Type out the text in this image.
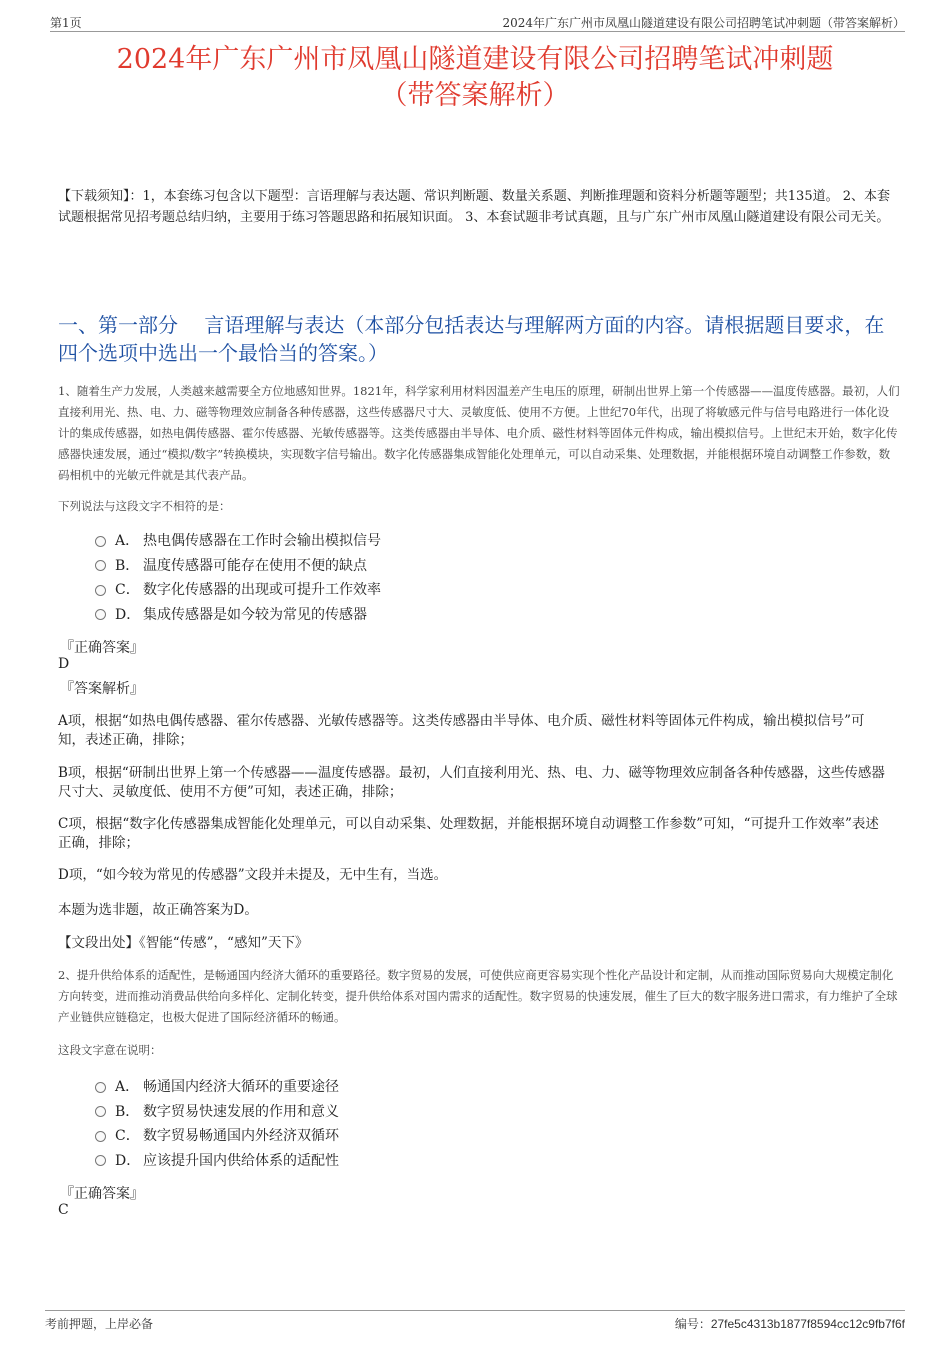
第1页	2024年广东广州市凤凰山隧道建设有限公司招聘笔试冲刺题（带答案解析）

2024年广东广州市凤凰山隧道建设有限公司招聘笔试冲刺题
（带答案解析）

【下载须知】：1，本套练习包含以下题型：言语理解与表达题、常识判断题、数量关系题、判断推理题和资料分析题等题型；共135道。 2、本套试题根据常见招考题总结归纳，主要用于练习答题思路和拓展知识面。 3、本套试题非考试真题，且与广东广州市凤凰山隧道建设有限公司无关。

一、第一部分　 言语理解与表达（本部分包括表达与理解两方面的内容。请根据题目要求，在四个选项中选出一个最恰当的答案。）

1、随着生产力发展，人类越来越需要全方位地感知世界。1821年，科学家利用材料因温差产生电压的原理，研制出世界上第一个传感器——温度传感器。最初，人们直接利用光、热、电、力、磁等物理效应制备各种传感器，这些传感器尺寸大、灵敏度低、使用不方便。上世纪70年代，出现了将敏感元件与信号电路进行一体化设计的集成传感器，如热电偶传感器、霍尔传感器、光敏传感器等。这类传感器由半导体、电介质、磁性材料等固体元件构成，输出模拟信号。上世纪末开始，数字化传感器快速发展，通过“模拟/数字”转换模块，实现数字信号输出。数字化传感器集成智能化处理单元，可以自动采集、处理数据，并能根据环境自动调整工作参数，数码相机中的光敏元件就是其代表产品。

下列说法与这段文字不相符的是：

A． 热电偶传感器在工作时会输出模拟信号
B． 温度传感器可能存在使用不便的缺点
C． 数字化传感器的出现或可提升工作效率
D． 集成传感器是如今较为常见的传感器

『正确答案』

D

『答案解析』

A项，根据“如热电偶传感器、霍尔传感器、光敏传感器等。这类传感器由半导体、电介质、磁性材料等固体元件构成，输出模拟信号”可知，表述正确，排除；

B项，根据“研制出世界上第一个传感器——温度传感器。最初，人们直接利用光、热、电、力、磁等物理效应制备各种传感器，这些传感器尺寸大、灵敏度低、使用不方便”可知，表述正确，排除；

C项，根据“数字化传感器集成智能化处理单元，可以自动采集、处理数据，并能根据环境自动调整工作参数”可知，“可提升工作效率”表述正确，排除；

D项，“如今较为常见的传感器”文段并未提及，无中生有，当选。

本题为选非题，故正确答案为D。

【文段出处】《智能“传感”，“感知”天下》

2、提升供给体系的适配性，是畅通国内经济大循环的重要路径。数字贸易的发展，可使供应商更容易实现个性化产品设计和定制，从而推动国际贸易向大规模定制化方向转变，进而推动消费品供给向多样化、定制化转变，提升供给体系对国内需求的适配性。数字贸易的快速发展，催生了巨大的数字服务进口需求，有力维护了全球产业链供应链稳定，也极大促进了国际经济循环的畅通。

这段文字意在说明：

A． 畅通国内经济大循环的重要途径
B． 数字贸易快速发展的作用和意义
C． 数字贸易畅通国内外经济双循环
D． 应该提升国内供给体系的适配性

『正确答案』

C

考前押题，上岸必备	编号：27fe5c4313b1877f8594cc12c9fb7f6f
